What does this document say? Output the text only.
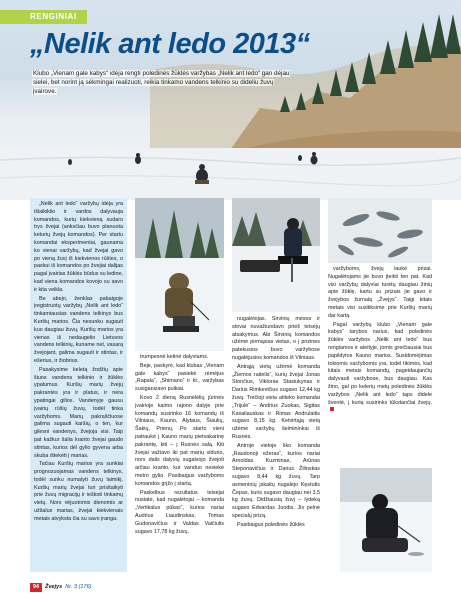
RENGINIAI
„Nelik ant ledo 2013“
Klubo „Vienam gale kabys“ idėja rengti poledinės žūklės varžybas „Nelik ant ledo“ gan dėjau sielei, bet norint ją sėkmingai realizuoti, reikia tinkamo vandens telkinio su dideliu žuvų įvairove.

„Nelik ant ledo“ varžybų idėja yra išlaikiklio ir vardos dalyvauja komandos, kurių kiekvieną sudaro trys žvejai (anksčiau buvo planuota keturių žvejų komandos). Per startu komandai eksperimentai, gaunama ko vienai varžybų, kad žvejai gavo po vieną žuvį iš kiekvienos rūšies, o paskui iš komandos po žvejiai dalijas pagal įvairias žūklės būdus su ledine, kad viena komandos kovojo su savo ir kita veikla.

Be abejo, ženklas pabaigoje įregistruotų varžybų „Nelik ant ledo“ tinkamiausias vandens telkinys bus Kuršių marios. Čia nesunku sugauti kuo daugiau žuvų. Kuršių marios yra vienas iš nedaugelio Lietuvos vandens telkinių, kuriame net, vasarą žvejojant, galima sugauti ir stintas, ir ešerius, ir žiobrius.

Pasakysime keletą žodžių apie šiuos vandens telkinio ir žūklės ypatumus. Kuršių marių žvejų pakrantės yra ir platus, ir nėra ypatingai gilios. Vandenyje gausu įvairių rūšių žuvų, todėl tinka varžyboms. Marių pakraščiuose galima sugauti karšių, o ten, kur gilesni vandenys, žvejoja visi. Taip pat kažkur šalia kranto žvejai gaudo stintas, kurios dėl gylio gyvena arba skuba ištekėti į marias.

Tačiau Kuršių marios yra sunkiai prognozuojamas vandens telkinys, todėl sunku numatyti žuvų laimikį. Kuršių marių žvejai turi prisitaikyti prie žuvų migracijų ir ieškoti tinkamų vietų. Nors vėjuotomis dienomis ar užšalus marias, žvejai kiekvienais metais atvyksta čia su savo įranga.

trumpesnė ketinė dalyviams.

Beje, paskyrė, kad klubas „Vienam gale kabys“ pasiekė rėmėjus „Rapala“, „Shimano“ ir kt., varžybas susiganizavo puikiai.

Kovo 2 dieną Rusnėlėlių jūrinės įvairioje kaimo rajono dalyje prie komandų susirinko 16 komandų iš Vilniaus, Kauno, Alytaus, Šiaulių, Šakių, Prienų. Po starto vieni patraukė į Kauno marių pietvakarinę pakrantę, kiti – į Rusnės salą. Kiti žvejai važiavo iki pat marių vidurio, nors dalis dalyvių sugalvojo žvejoti arčiau kranto, kur vanduo nesiekė metro gylio. Pasibaigus varžyboms komandos grįžo į startą.

Paskelbus rezultatus teisėjai nustatė, kad nugalėtojai – komanda „Vertikalus pūkas“, kurios nariai Audrius Liaudinskas, Tomas Gudonavičius ir Valdas Vaičiulis sugavo 17,78 kg žuvų.

nugalėtojas. Sirvinių mėsos ir stovai nuvažiuodavo prieš teisėjų atsakymus. Abi Širvinių komandos užėmė pirmąsias vietas, o į prizines patekusios buvo varžybose nugalėjusios komandos iš Vilniaus.

Antrąją vietą užėmė komanda „Žiemos raitelis“, kurių žvejai Jonas Stončius, Viktoras Stasiukynas ir Darius Rimkevičius sugavo 12,44 kg žuvų. Trečioji vieta atiteko komandai „Trijulė“ – Andrius Zuokas, Sigitas Kavaliauskas ir Rimas Andrulaitis sugavo 8,15 kg. Ketvirtąją vietą užėmė varžybų šeimininkai iš Rusnės.

Antroje vietoje liko komanda „Raudonoji ežeras“, kurios nariai Arnoldas Kuzminas, Arūnas Steponavičius ir Darius Žilinskas sugavo 8,44 kg žuvų. Tarp asmeninių įskaitų nugalėjo Kęstutis Čepas, kuris sugavo daugiau nei 3,5 kg žuvų. Didžiausią žuvį – lydeką sugavo Edvardas Juodis. Jis pelnė specialų prizą.

Pasibaigus poledinės žūklės

varžyboms, žvejų laukė prizai. Nugalėtojams jie buvo įteikti ten pat. Kad visi varžybų dalyviai turėtų daugiau žinių apie žūklę, kartu su prizais jie gavo ir žvejybos žurnalą „Žvejys“. Taigi kitais metais visi susitiksime prie Kuršių marių dar kartą.

Pagal varžybų klubo „Vienam gale kabys“ tarybos narius, kad poledinės žūklės varžybos „Nelik ant ledo“ bus rengiamos ir ateityje, jomis greičiausiai bus papildytos Kauno marios. Susidomėjimas tokiomis varžybomis yra, todėl tikimės, kad kitais metais komandų, pageidaujančių dalyvauti varžybose, bus daugiau. Kas žino, gal po kelerių metų poledinės žūklės varžybos „Nelik ant ledo“ taps didele šventė, į kurią susirinks tūkstančiai žvejų.

94	Žvejys Nr. 3 (176)
